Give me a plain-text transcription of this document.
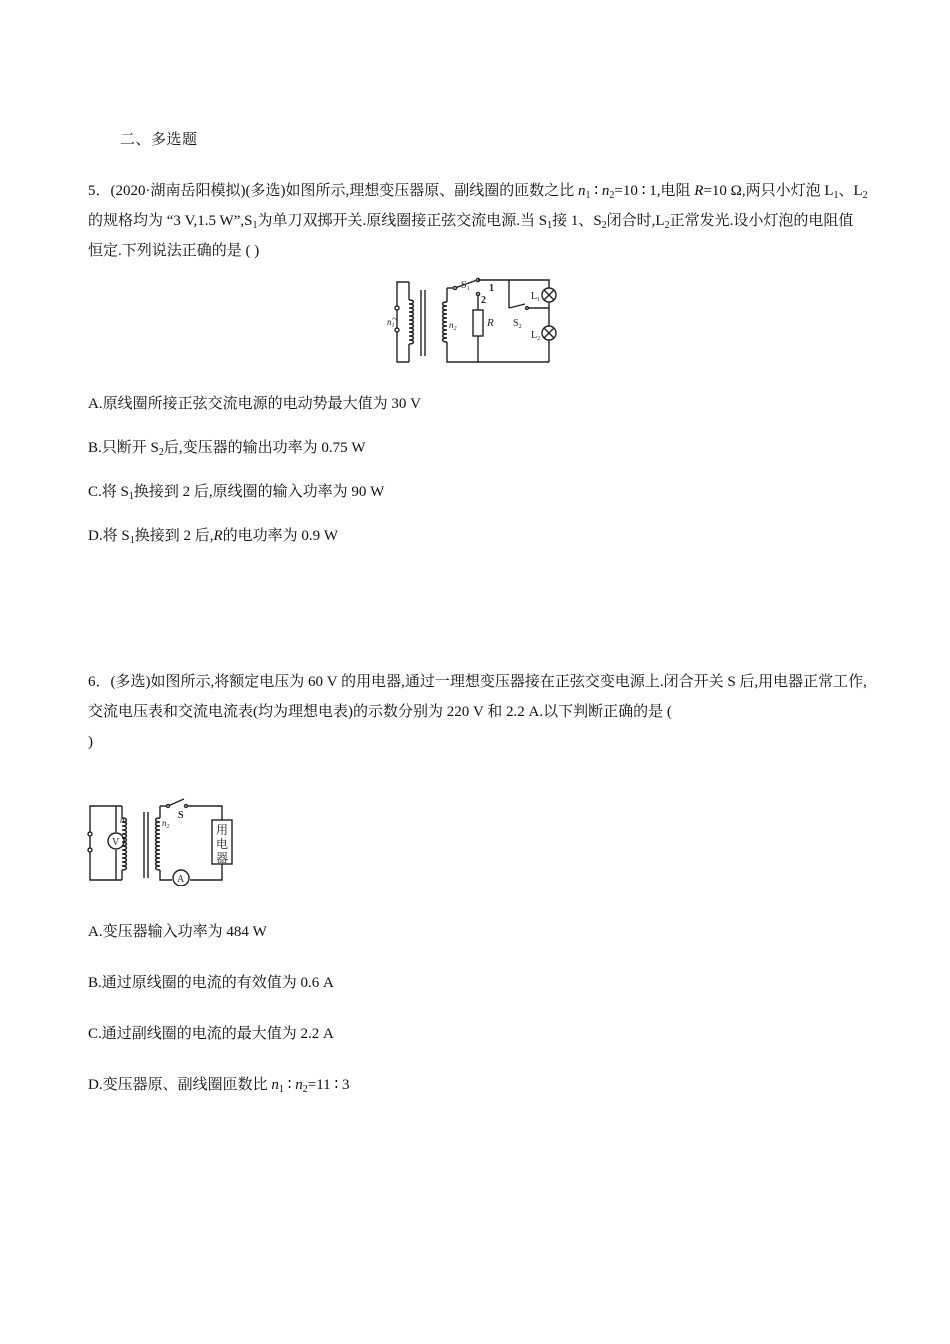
二、多选题
5．(2020·湖南岳阳模拟)(多选)如图所示,理想变压器原、副线圈的匝数之比 $n_1$ ∶ $n_2=10$ ∶ 1,电阻 R=10 Ω,两只小灯泡 $L_1$、$L_2$的规格均为 “3 V,1.5 $W”,S_1$为单刀双掷开关.原线圈接正弦交流电源.当 $S_1$接 1、$S_2$闭合时$,L_2$正常发光.设小灯泡的电阻值恒定.下列说法正确的是 ( )
~
$n_1$	$n_2$
$S_1$ 1
2
R $S_2$
$L_1$
$L_2$
A.原线圈所接正弦交流电源的电动势最大值为 30 V
B.只断开 $S_2$后,变压器的输出功率为 0.75 W
C.将 $S_1$换接到 2 后,原线圈的输入功率为 90 W
D.将 $S_1$换接到 2 后,R的电功率为 0.9 W
6．(多选)如图所示,将额定电压为 60 V 的用电器,通过一理想变压器接在正弦交变电源上.闭合开关 S 后,用电器正常工作,交流电压表和交流电流表(均为理想电表)的示数分别为 220 V 和 2.2 A.以下判断正确的是 (
)
V
$n_1$	$n_2$
S
用
电
器
A
A.变压器输入功率为 484 W
B.通过原线圈的电流的有效值为 0.6 A
C.通过副线圈的电流的最大值为 2.2 A
D.变压器原、副线圈匝数比 $n_1$ ∶ $n_2=11$ ∶ 3
